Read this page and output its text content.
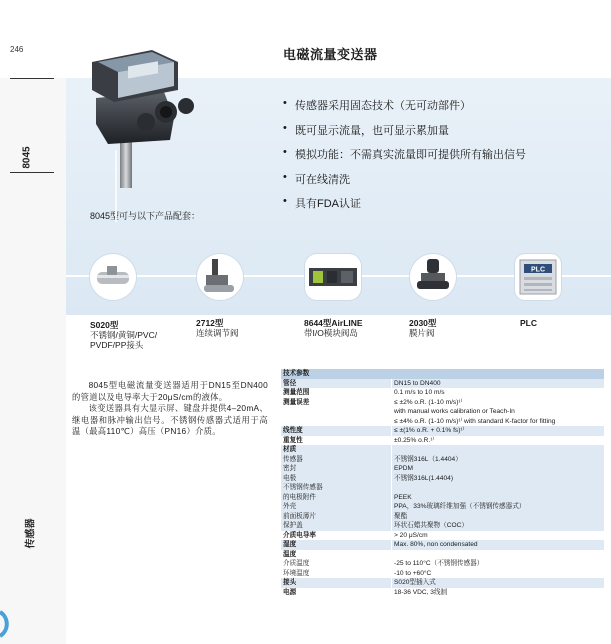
246
8045
传感器
电磁流量变送器
• 传感器采用固态技术（无可动部件）
• 既可显示流量，也可显示累加量
• 模拟功能：不需真实流量即可提供所有输出信号
• 可在线清洗
• 具有FDA认证
8045型可与以下产品配套：
PLC
S020型
不锈钢/黄铜/PVC/
PVDF/PP接头
2712型
连续调节阀
8644型AirLINE
带I/O模块阀岛
2030型
膜片阀
PLC

8045型电磁流量变送器适用于DN15至DN400的管道以及电导率大于20μS/cm的液体。

该变送器具有大显示屏、键盘并提供4–20mA、继电器和脉冲输出信号。不锈钢传感器式适用于高温（最高110℃）高压（PN16）介质。

技术参数	
管径	DN15 to DN400
测量范围	0.1 m/s to 10 m/s
测量误差	≤ ±2% o.R. (1-10 m/s)¹⁾
	with manual works calibration or Teach-In
	≤ ±4% o.R. (1-10 m/s)¹⁾ with standard K-factor for fitting
线性度	≤ ±(1% o.R. + 0.1% fs)¹⁾
重复性	±0.25% o.R.¹⁾
材质	
传感器	不锈钢316L（1.4404）
密封	EPDM
电极	不锈钢316L(1.4404)
不锈钢传感器	
的电极附件	PEEK
外壳	PPA，33%玻璃纤维加强（不锈钢传感器式）
前面板薄片	聚酯
保护盖	环状石蜡共聚物（COC）
介质电导率	> 20 μS/cm
湿度	Max. 80%, non condensated
温度	
介质温度	-25 to 110°C（不锈钢传感器）
环境温度	-10 to +60°C
接头	S020型插入式
电源	18-36 VDC, 3线制
